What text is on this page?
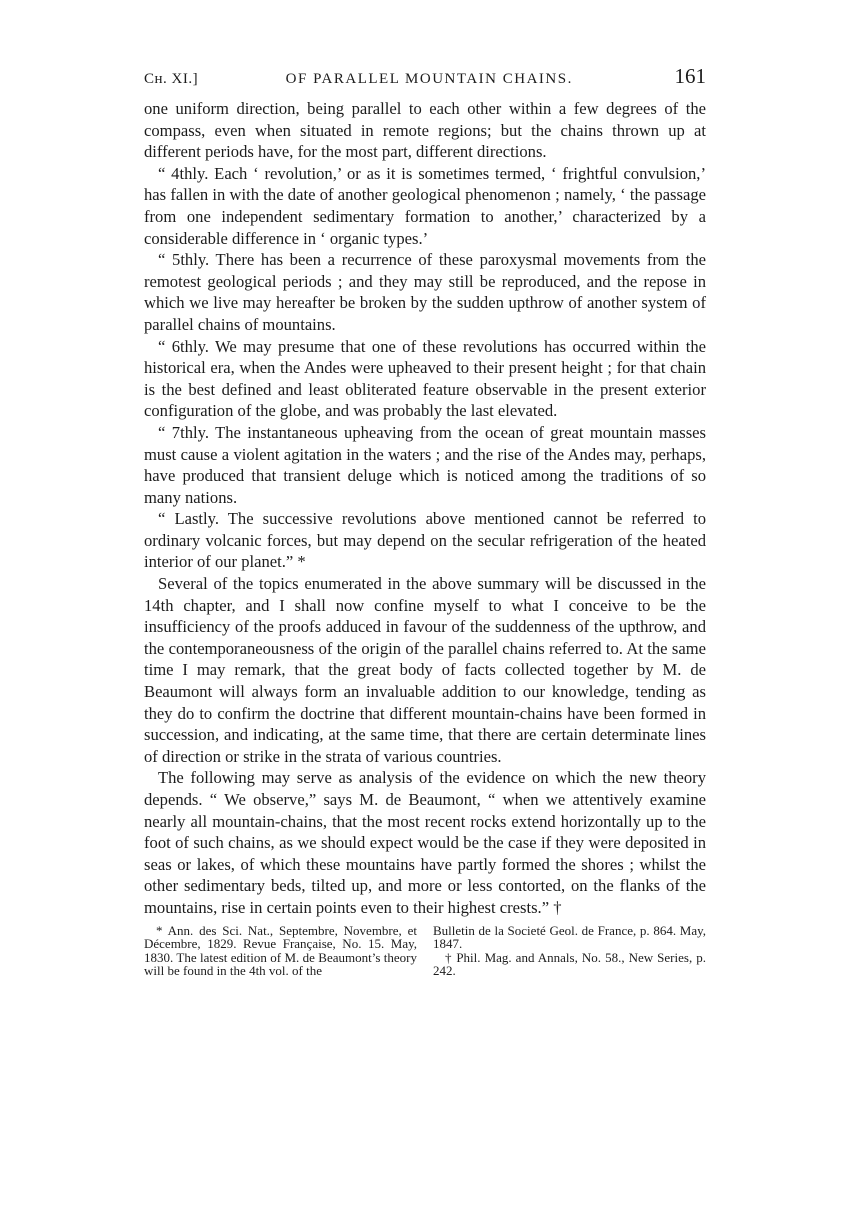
Cʜ. XI.]	OF PARALLEL MOUNTAIN CHAINS.	161

one uniform direction, being parallel to each other within a few degrees of the compass, even when situated in remote regions; but the chains thrown up at different periods have, for the most part, different directions.

“ 4thly. Each ‘ revolution,’ or as it is sometimes termed, ‘ frightful convulsion,’ has fallen in with the date of another geological phenomenon ; namely, ‘ the passage from one independent sedimentary formation to another,’ characterized by a considerable difference in ‘ organic types.’

“ 5thly. There has been a recurrence of these paroxysmal movements from the remotest geological periods ; and they may still be reproduced, and the repose in which we live may hereafter be broken by the sudden upthrow of another system of parallel chains of mountains.

“ 6thly. We may presume that one of these revolutions has occurred within the historical era, when the Andes were upheaved to their present height ; for that chain is the best defined and least obliterated feature observable in the present exterior configuration of the globe, and was probably the last elevated.

“ 7thly. The instantaneous upheaving from the ocean of great mountain masses must cause a violent agitation in the waters ; and the rise of the Andes may, perhaps, have produced that transient deluge which is noticed among the traditions of so many nations.

“ Lastly. The successive revolutions above mentioned cannot be referred to ordinary volcanic forces, but may depend on the secular refrigeration of the heated interior of our planet.” *

Several of the topics enumerated in the above summary will be discussed in the 14th chapter, and I shall now confine myself to what I conceive to be the insufficiency of the proofs adduced in favour of the suddenness of the upthrow, and the contemporaneousness of the origin of the parallel chains referred to. At the same time I may remark, that the great body of facts collected together by M. de Beaumont will always form an invaluable addition to our knowledge, tending as they do to confirm the doctrine that different mountain-chains have been formed in succession, and indicating, at the same time, that there are certain determinate lines of direction or strike in the strata of various countries.

The following may serve as analysis of the evidence on which the new theory depends. “ We observe,” says M. de Beaumont, “ when we attentively examine nearly all mountain-chains, that the most recent rocks extend horizontally up to the foot of such chains, as we should expect would be the case if they were deposited in seas or lakes, of which these mountains have partly formed the shores ; whilst the other sedimentary beds, tilted up, and more or less contorted, on the flanks of the mountains, rise in certain points even to their highest crests.” †

* Ann. des Sci. Nat., Septembre, Novembre, et Décembre, 1829. Revue Française, No. 15. May, 1830. The latest edition of M. de Beaumont’s theory will be found in the 4th vol. of the

Bulletin de la Societé Geol. de France, p. 864. May, 1847.

† Phil. Mag. and Annals, No. 58., New Series, p. 242.
